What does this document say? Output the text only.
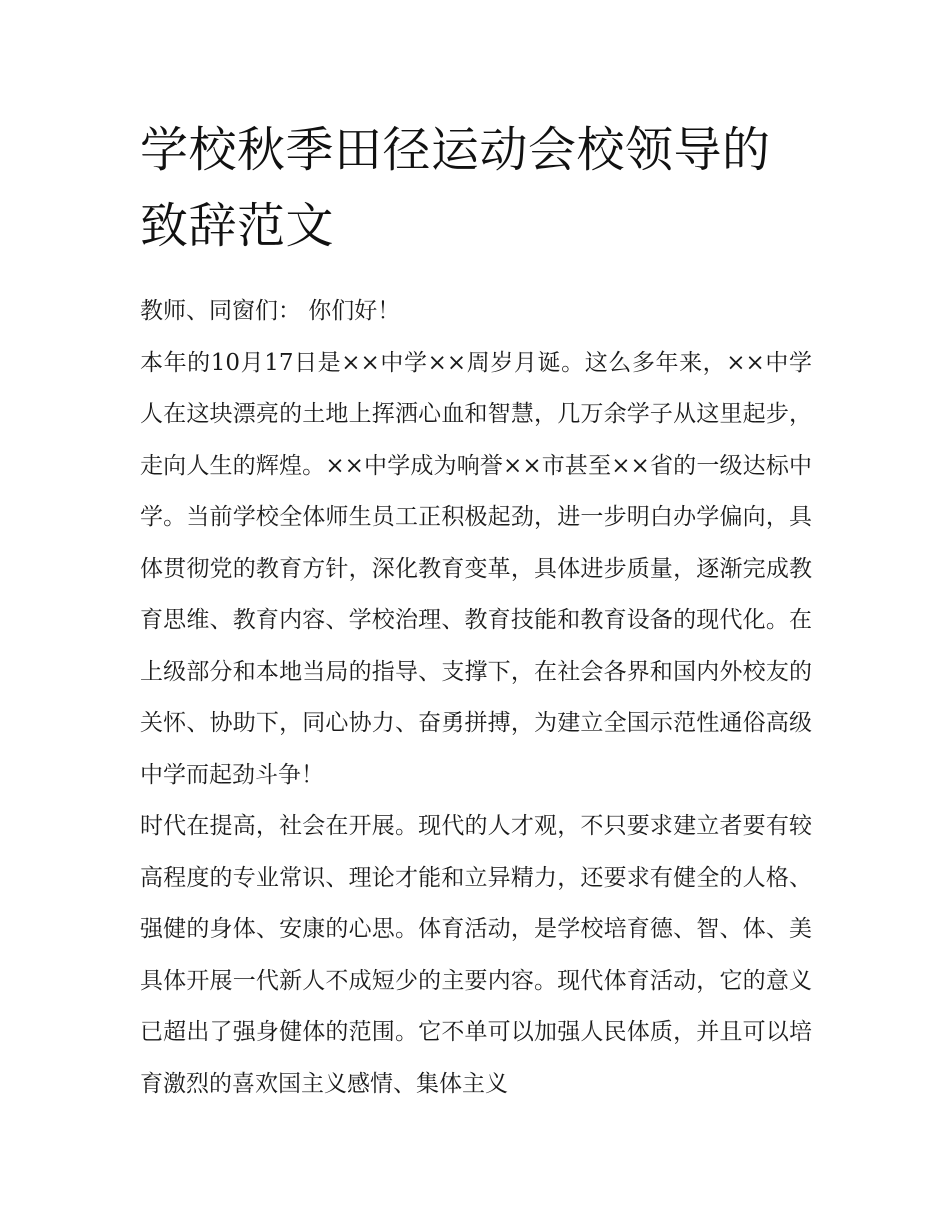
学校秋季田径运动会校领导的致辞范文

教师、同窗们： 你们好！

本年的10月17日是××中学××周岁月诞。这么多年来，××中学人在这块漂亮的土地上挥洒心血和智慧，几万余学子从这里起步，走向人生的辉煌。××中学成为响誉××市甚至××省的一级达标中学。当前学校全体师生员工正积极起劲，进一步明白办学偏向，具体贯彻党的教育方针，深化教育变革，具体进步质量，逐渐完成教育思维、教育内容、学校治理、教育技能和教育设备的现代化。在上级部分和本地当局的指导、支撑下，在社会各界和国内外校友的关怀、协助下，同心协力、奋勇拼搏，为建立全国示范性通俗高级中学而起劲斗争！

时代在提高，社会在开展。现代的人才观，不只要求建立者要有较高程度的专业常识、理论才能和立异精力，还要求有健全的人格、强健的身体、安康的心思。体育活动，是学校培育德、智、体、美具体开展一代新人不成短少的主要内容。现代体育活动，它的意义已超出了强身健体的范围。它不单可以加强人民体质，并且可以培育激烈的喜欢国主义感情、集体主义
